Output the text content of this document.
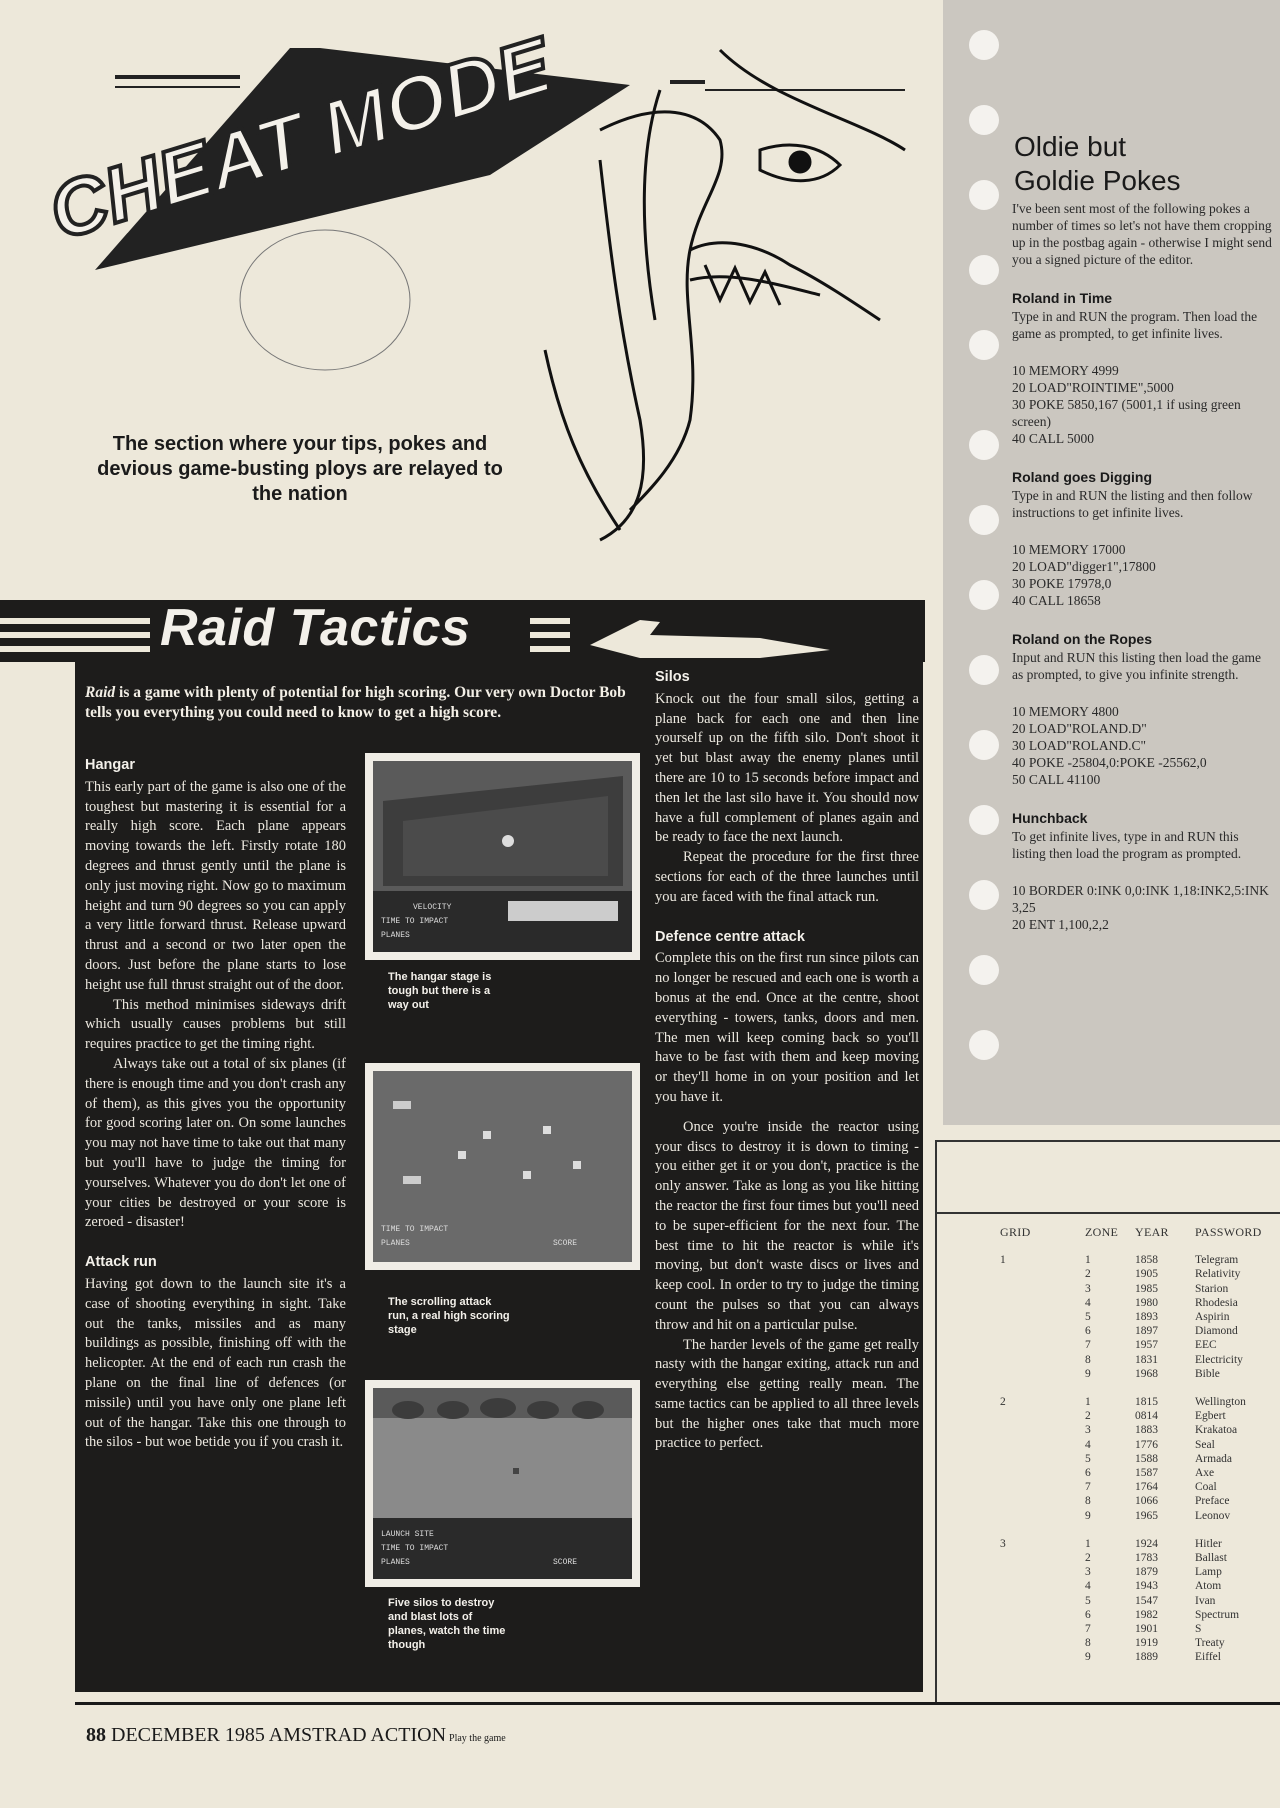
CHEAT MODE
The section where your tips, pokes and devious game-busting ploys are relayed to the nation
Oldie but
Goldie Pokes

I've been sent most of the following pokes a number of times so let's not have them cropping up in the postbag again - otherwise I might send you a signed picture of the editor.

Roland in Time

Type in and RUN the program. Then load the game as prompted, to get infinite lives.

10 MEMORY 4999
20 LOAD"ROINTIME",5000
30 POKE 5850,167 (5001,1 if using green screen)
40 CALL 5000
Roland goes Digging

Type in and RUN the listing and then follow instructions to get infinite lives.

10 MEMORY 17000
20 LOAD"digger1",17800
30 POKE 17978,0
40 CALL 18658
Roland on the Ropes

Input and RUN this listing then load the game as prompted, to give you infinite strength.

10 MEMORY 4800
20 LOAD"ROLAND.D"
30 LOAD"ROLAND.C"
40 POKE -25804,0:POKE -25562,0
50 CALL 41100
Hunchback

To get infinite lives, type in and RUN this listing then load the program as prompted.

10 BORDER 0:INK 0,0:INK 1,18:INK2,5:INK 3,25
20 ENT 1,100,2,2
GRID	ZONE	YEAR	PASSWORD
1	1	1858	Telegram
	2	1905	Relativity
	3	1985	Starion
	4	1980	Rhodesia
	5	1893	Aspirin
	6	1897	Diamond
	7	1957	EEC
	8	1831	Electricity
	9	1968	Bible

2	1	1815	Wellington
	2	0814	Egbert
	3	1883	Krakatoa
	4	1776	Seal
	5	1588	Armada
	6	1587	Axe
	7	1764	Coal
	8	1066	Preface
	9	1965	Leonov

3	1	1924	Hitler
	2	1783	Ballast
	3	1879	Lamp
	4	1943	Atom
	5	1547	Ivan
	6	1982	Spectrum
	7	1901	S
	8	1919	Treaty
	9	1889	Eiffel
Raid Tactics
Raid is a game with plenty of potential for high scoring. Our very own Doctor Bob tells you everything you could need to know to get a high score.
Hangar

This early part of the game is also one of the toughest but mastering it is essential for a really high score. Each plane appears moving towards the left. Firstly rotate 180 degrees and thrust gently until the plane is only just moving right. Now go to maximum height and turn 90 degrees so you can apply a very little forward thrust. Release upward thrust and a second or two later open the doors. Just before the plane starts to lose height use full thrust straight out of the door.

This method minimises sideways drift which usually causes problems but still requires practice to get the timing right.

Always take out a total of six planes (if there is enough time and you don't crash any of them), as this gives you the opportunity for good scoring later on. On some launches you may not have time to take out that many but you'll have to judge the timing for yourselves. Whatever you do don't let one of your cities be destroyed or your score is zeroed - disaster!

Attack run

Having got down to the launch site it's a case of shooting everything in sight. Take out the tanks, missiles and as many buildings as possible, finishing off with the helicopter. At the end of each run crash the plane on the final line of defences (or missile) until you have only one plane left out of the hangar. Take this one through to the silos - but woe betide you if you crash it.

Silos

Knock out the four small silos, getting a plane back for each one and then line yourself up on the fifth silo. Don't shoot it yet but blast away the enemy planes until there are 10 to 15 seconds before impact and then let the last silo have it. You should now have a full complement of planes again and be ready to face the next launch.

Repeat the procedure for the first three sections for each of the three launches until you are faced with the final attack run.

Defence centre attack

Complete this on the first run since pilots can no longer be rescued and each one is worth a bonus at the end. Once at the centre, shoot everything - towers, tanks, doors and men. The men will keep coming back so you'll have to be fast with them and keep moving or they'll home in on your position and let you have it.

Once you're inside the reactor using your discs to destroy it is down to timing - you either get it or you don't, practice is the only answer. Take as long as you like hitting the reactor the first four times but you'll need to be super-efficient for the next four. The best time to hit the reactor is while it's moving, but don't waste discs or lives and keep cool. In order to try to judge the timing count the pulses so that you can always throw and hit on a particular pulse.

The harder levels of the game get really nasty with the hangar exiting, attack run and everything else getting really mean. The same tactics can be applied to all three levels but the higher ones take that much more practice to perfect.

VELOCITY
TIME TO IMPACT
PLANES
The hangar stage is tough but there is a way out
TIME TO IMPACT
PLANES	SCORE
The scrolling attack run, a real high scoring stage
LAUNCH SITE
TIME TO IMPACT
PLANES	SCORE
Five silos to destroy and blast lots of planes, watch the time though
88 DECEMBER 1985 AMSTRAD ACTION Play the game
